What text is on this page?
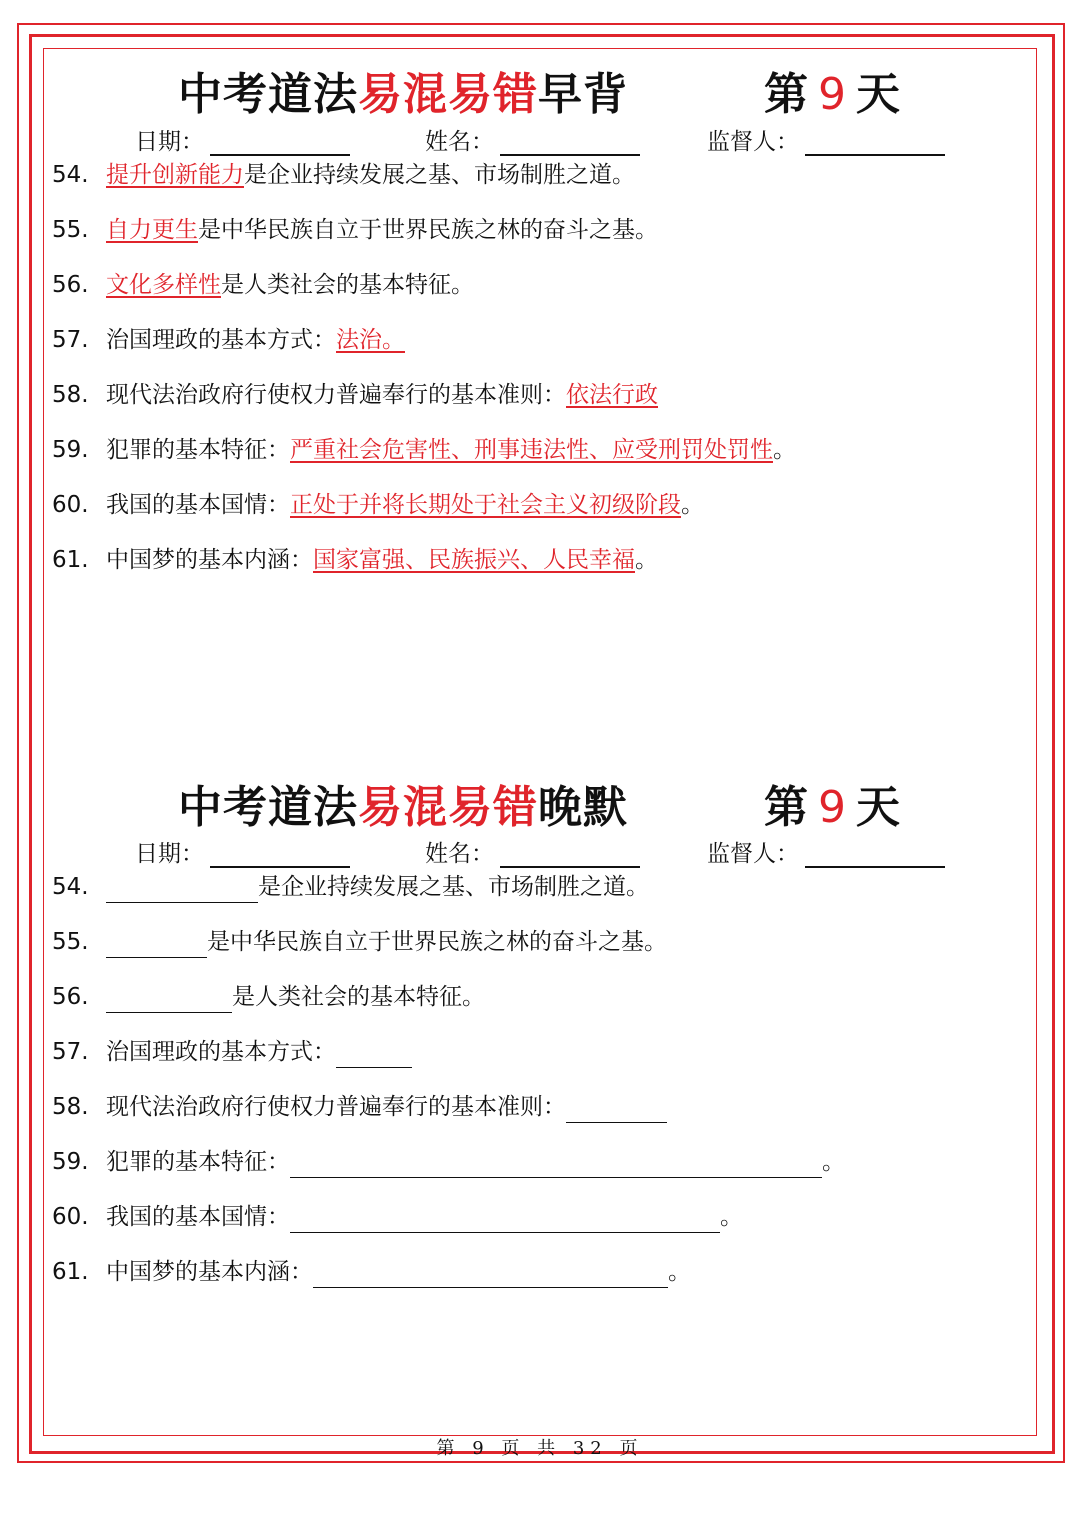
中考道法易混易错早背	第 9 天
日期：	姓名：	监督人：
54. 提升创新能力是企业持续发展之基、市场制胜之道。
55. 自力更生是中华民族自立于世界民族之林的奋斗之基。
56. 文化多样性是人类社会的基本特征。
57. 治国理政的基本方式：法治。
58. 现代法治政府行使权力普遍奉行的基本准则：依法行政
59. 犯罪的基本特征：严重社会危害性、刑事违法性、应受刑罚处罚性。
60. 我国的基本国情：正处于并将长期处于社会主义初级阶段。
61. 中国梦的基本内涵：国家富强、民族振兴、人民幸福。
中考道法易混易错晚默	第 9 天
日期：	姓名：	监督人：
54.	是企业持续发展之基、市场制胜之道。
55.	是中华民族自立于世界民族之林的奋斗之基。
56.	是人类社会的基本特征。
57. 治国理政的基本方式：
58. 现代法治政府行使权力普遍奉行的基本准则：
59. 犯罪的基本特征：	。
60. 我国的基本国情：	。
61. 中国梦的基本内涵：	。
第 9 页 共 32 页
